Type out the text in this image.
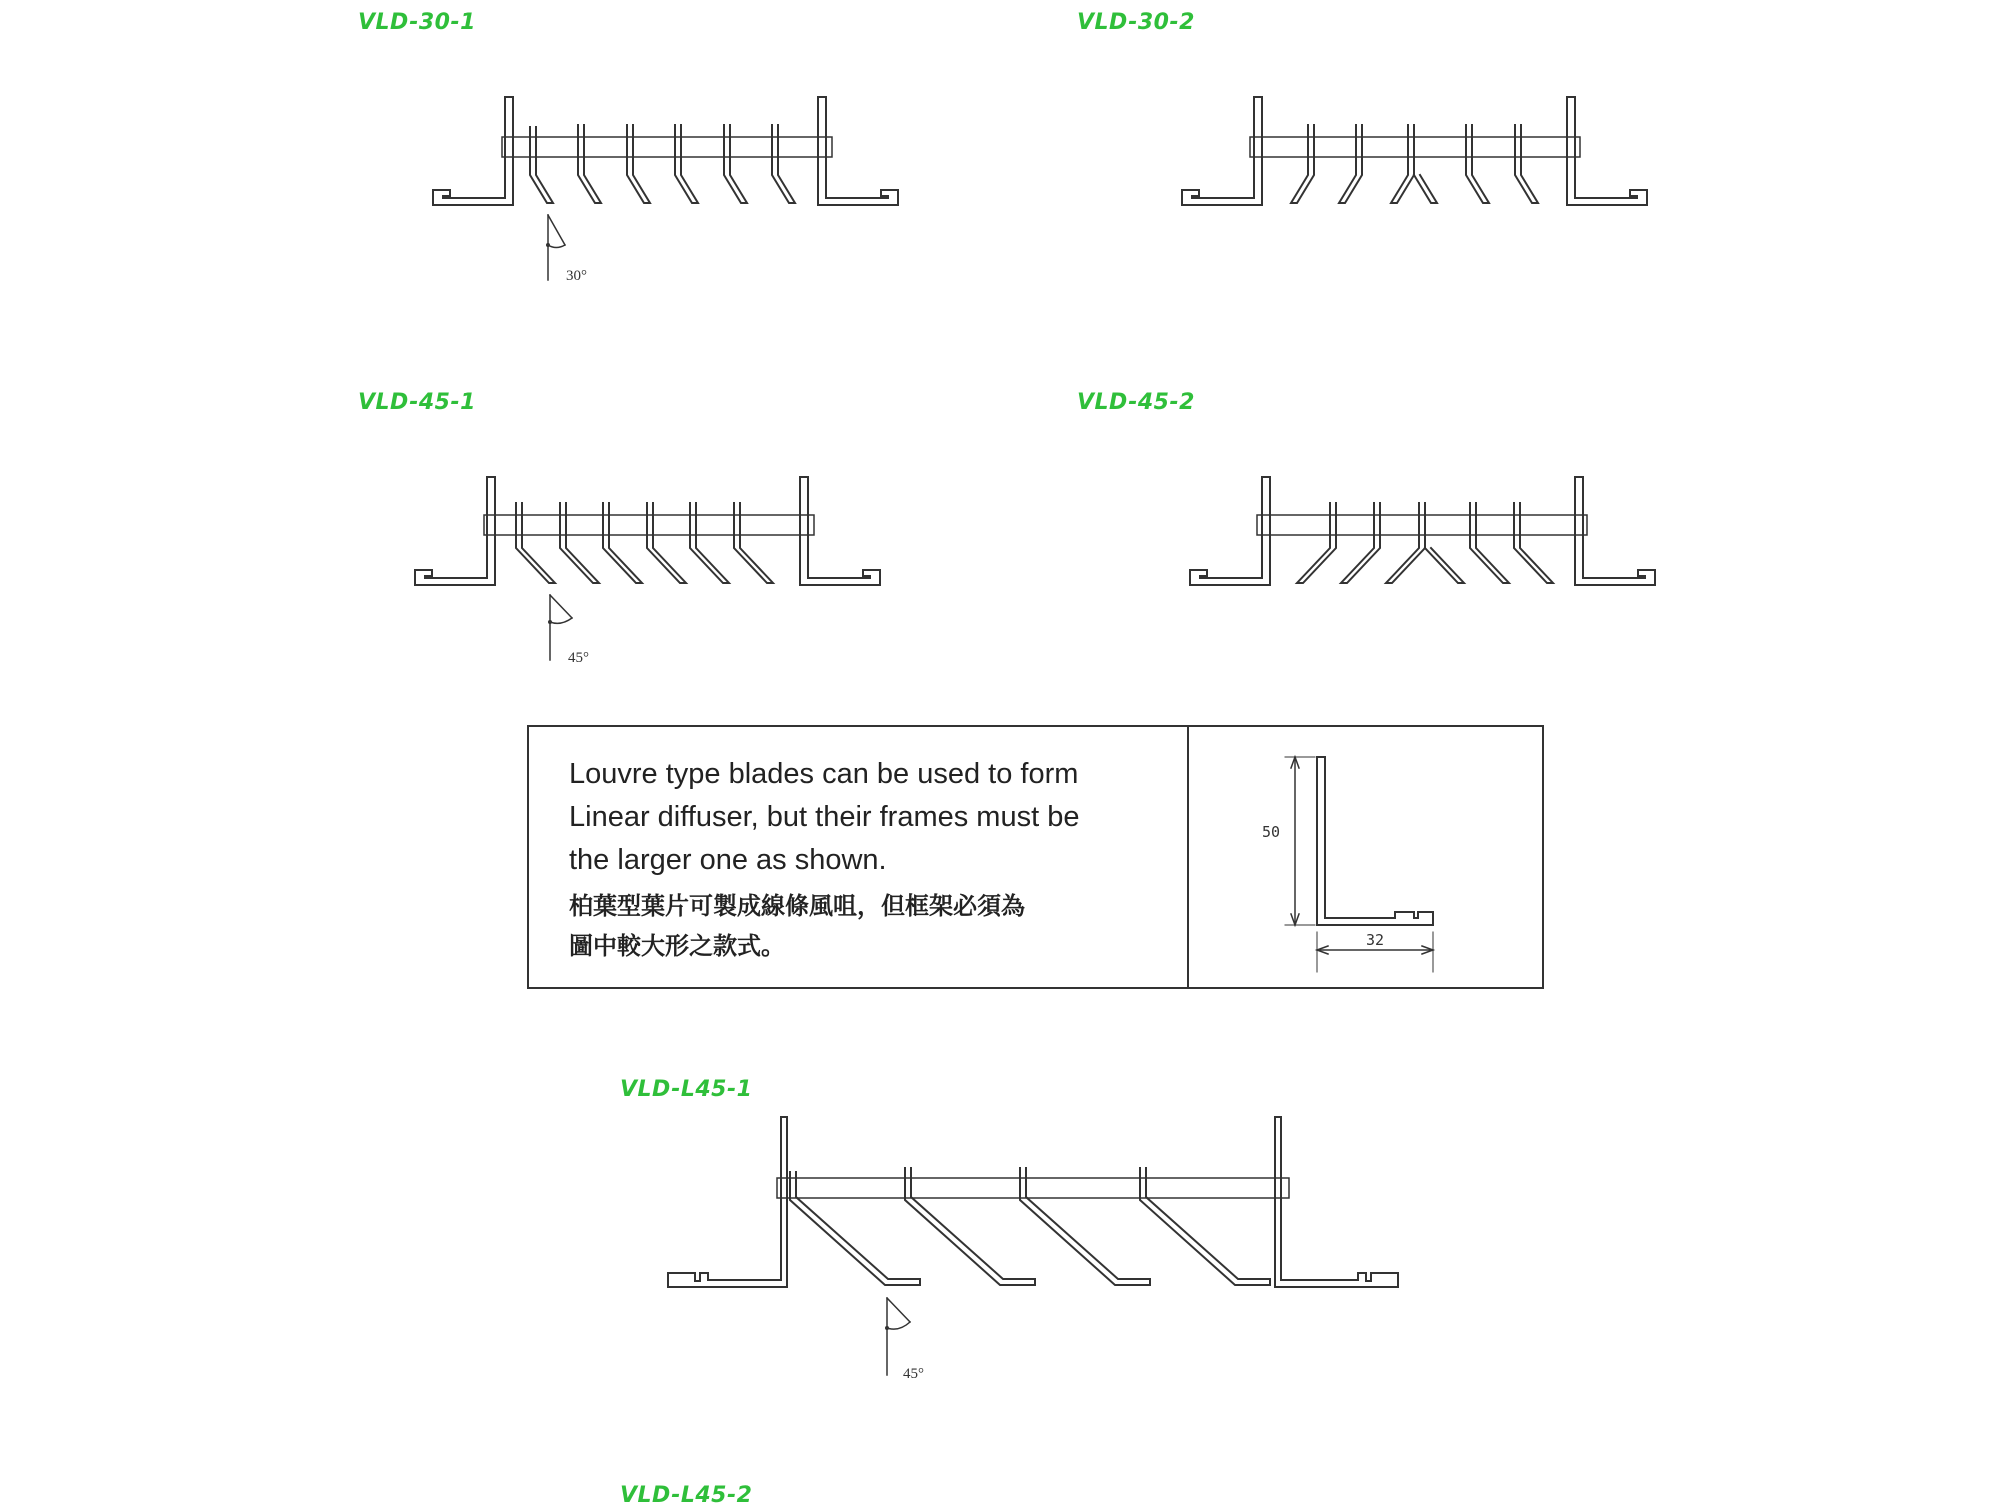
VLD-30-1	VLD-30-2
VLD-45-1	VLD-45-2
VLD-L45-1
VLD-L45-2
30°
45°
45°
50
32

Louvre type blades can be used to form

Linear diffuser, but their frames must be

the larger one as shown.

柏葉型葉片可製成線條風咀，但框架必須為

圖中較大形之款式。
